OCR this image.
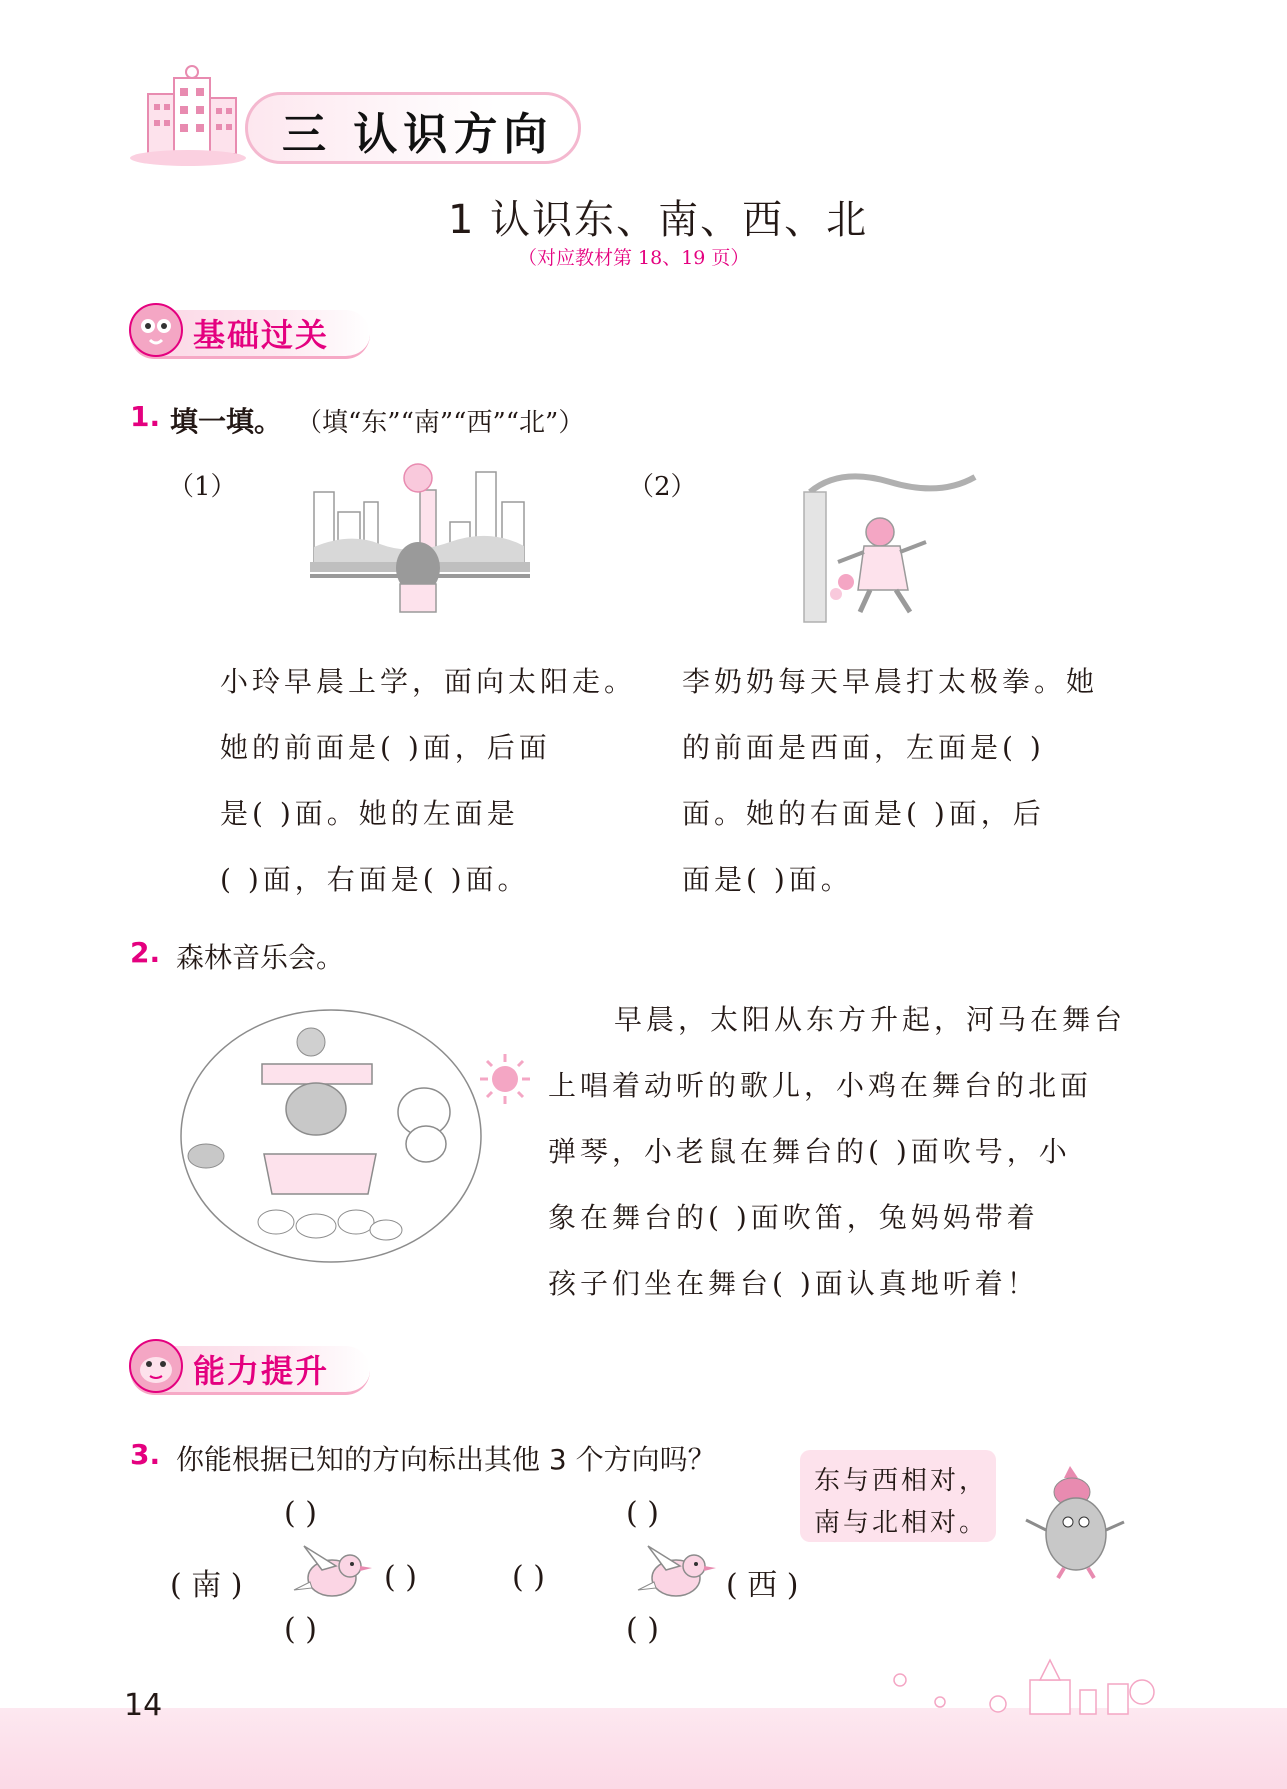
三 认识方向
1 认识东、南、西、北
（对应教材第 18、19 页）
基础过关
1. 填一填。 （填“东”“南”“西”“北”）
（1）	（2）
小玲早晨上学，面向太阳走。
她的前面是( )面，后面
是( )面。她的左面是
( )面，右面是( )面。
李奶奶每天早晨打太极拳。她
的前面是西面，左面是( )
面。她的右面是( )面，后
面是( )面。
2. 森林音乐会。
早晨，太阳从东方升起，河马在舞台
上唱着动听的歌儿，小鸡在舞台的北面
弹琴，小老鼠在舞台的( )面吹号，小
象在舞台的( )面吹笛，兔妈妈带着
孩子们坐在舞台( )面认真地听着！
能力提升
3. 你能根据已知的方向标出其他 3 个方向吗？
东与西相对，
南与北相对。
( )
( 南 )	( )
( )
( )
( )	( 西 )
( )
14
